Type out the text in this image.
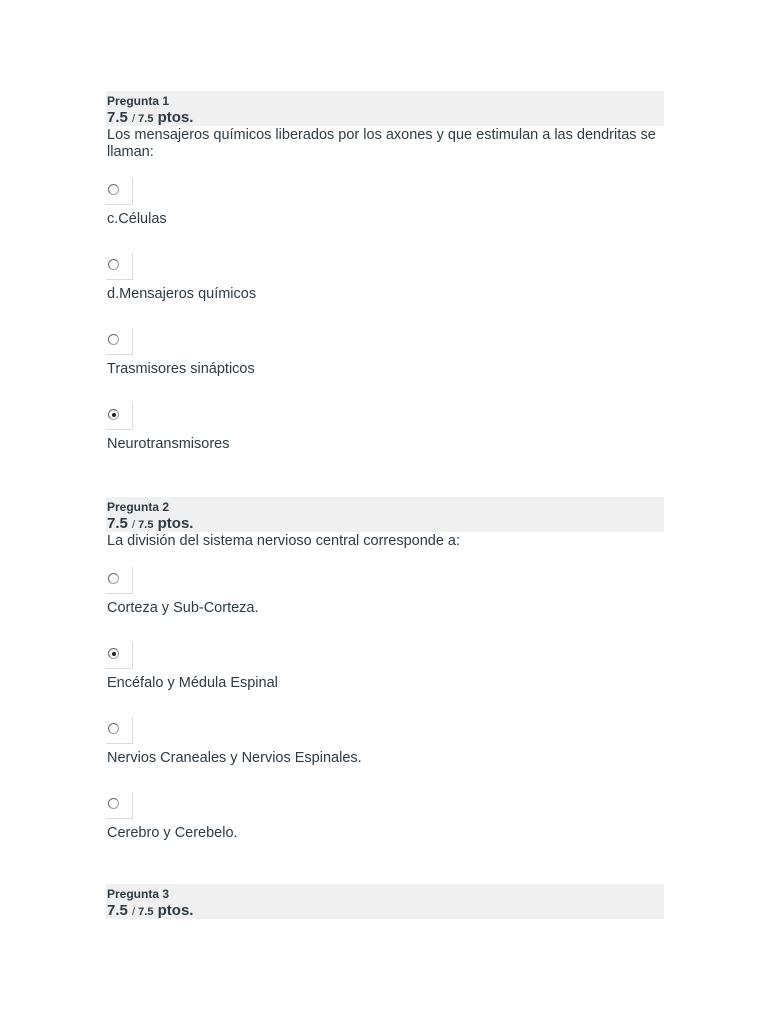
Pregunta 1
7.5 / 7.5 ptos.
Los mensajeros químicos liberados por los axones y que estimulan a las dendritas se llaman:
c.Células
d.Mensajeros químicos
Trasmisores sinápticos
Neurotransmisores
Pregunta 2
7.5 / 7.5 ptos.
La división del sistema nervioso central corresponde a:
Corteza y Sub-Corteza.
Encéfalo y Médula Espinal
Nervios Craneales y Nervios Espinales.
Cerebro y Cerebelo.
Pregunta 3
7.5 / 7.5 ptos.
